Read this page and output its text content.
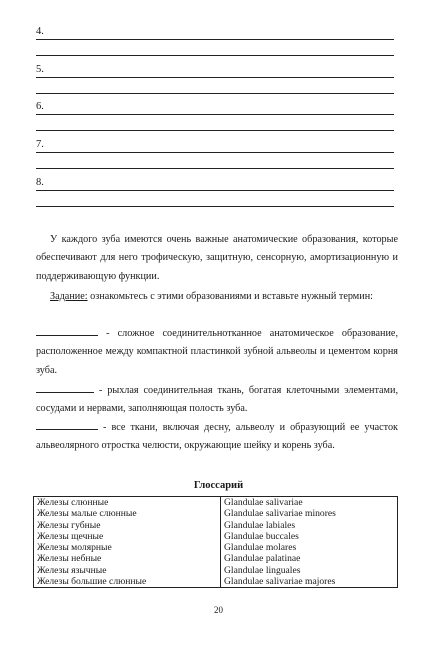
4.
5.
6.
7.
8.
У каждого зуба имеются очень важные анатомические образования, которые обеспечивают для него трофическую, защитную, сенсорную, амортизационную и поддерживающую функции.
Задание: ознакомьтесь с этими образованиями и вставьте нужный термин:
- сложное соединительнотканное анатомическое образование, расположенное между компактной пластинкой зубной альвеолы и цементом корня зуба.
- рыхлая соединительная ткань, богатая клеточными элементами, сосудами и нервами, заполняющая полость зуба.
- все ткани, включая десну, альвеолу и образующий ее участок альвеолярного отростка челюсти, окружающие шейку и корень зуба.
Глоссарий
Железы слюнные	Glandulae salivariae
Железы малые слюнные	Glandulae salivariae minores
Железы губные	Glandulae labiales
Железы щечные	Glandulae buccales
Железы молярные	Glandulae molares
Железы небные	Glandulae palatinae
Железы язычные	Glandulae linguales
Железы большие слюнные	Glandulae salivariae majores
20
